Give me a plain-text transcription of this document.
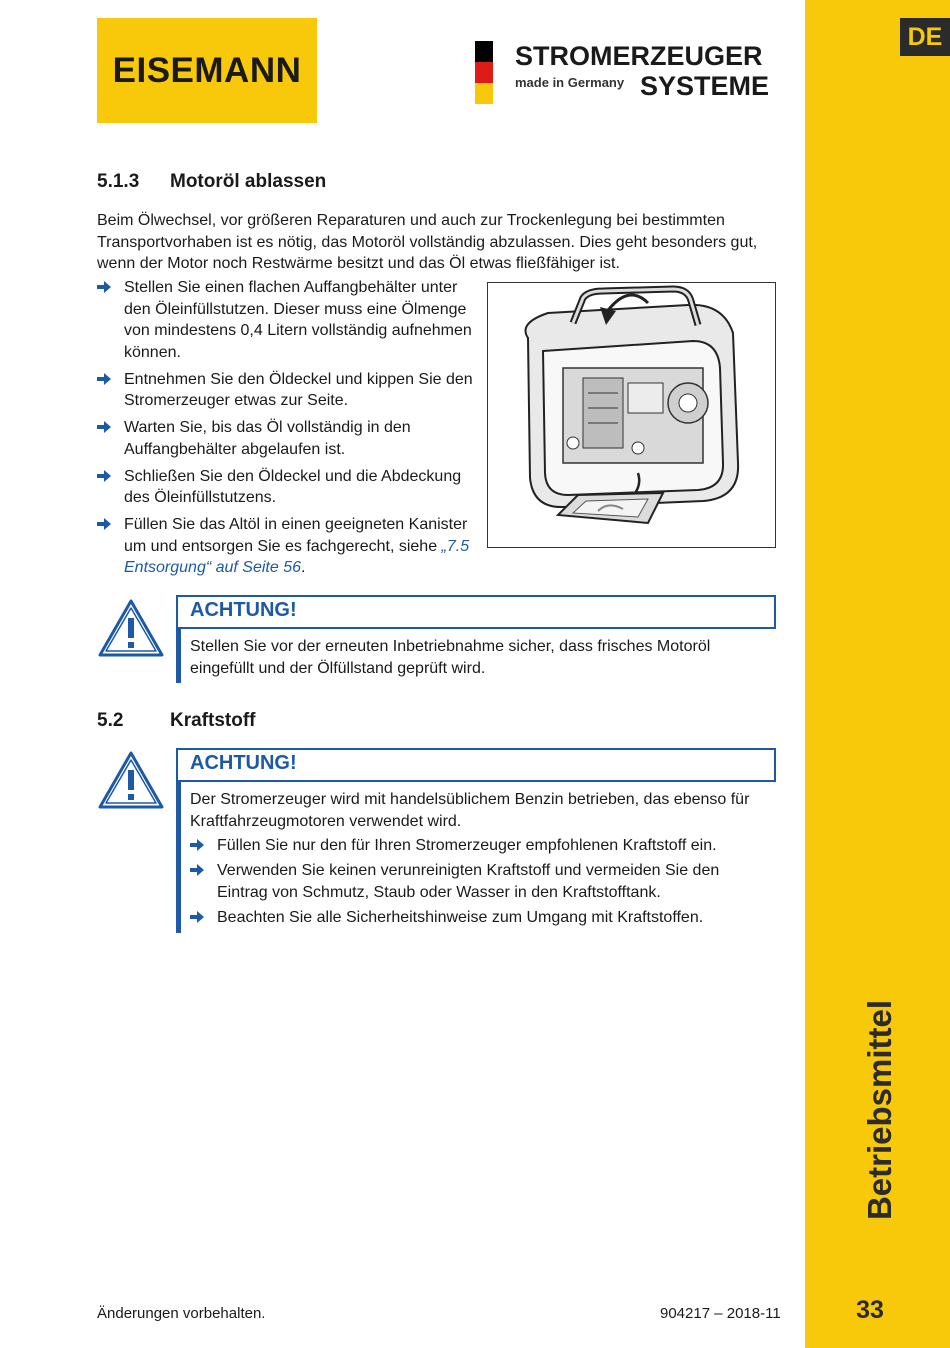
DE
Betriebsmittel
33
EISEMANN	STROMERZEUGER
made in Germany SYSTEME
5.1.3 Motoröl ablassen
Beim Ölwechsel, vor größeren Reparaturen und auch zur Trockenlegung bei bestimmten Transportvorhaben ist es nötig, das Motoröl vollständig abzulassen. Dies geht besonders gut, wenn der Motor noch Restwärme besitzt und das Öl etwas fließfähiger ist.
Stellen Sie einen flachen Auffangbehälter unter den Öleinfüllstutzen. Dieser muss eine Ölmenge von mindestens 0,4 Litern vollständig aufnehmen können.
Entnehmen Sie den Öldeckel und kippen Sie den Stromerzeuger etwas zur Seite.
Warten Sie, bis das Öl vollständig in den Auffangbehälter abgelaufen ist.
Schließen Sie den Öldeckel und die Abdeckung des Öleinfüllstutzens.
Füllen Sie das Altöl in einen geeigneten Kanister um und entsorgen Sie es fachgerecht, siehe „7.5 Entsorgung“ auf Seite 56.
ACHTUNG!
Stellen Sie vor der erneuten Inbetriebnahme sicher, dass frisches Motoröl eingefüllt und der Ölfüllstand geprüft wird.
5.2 Kraftstoff
ACHTUNG!
Der Stromerzeuger wird mit handelsüblichem Benzin betrieben, das ebenso für Kraftfahrzeugmotoren verwendet wird.
Füllen Sie nur den für Ihren Stromerzeuger empfohlenen Kraftstoff ein.
Verwenden Sie keinen verunreinigten Kraftstoff und vermeiden Sie den Eintrag von Schmutz, Staub oder Wasser in den Kraftstofftank.
Beachten Sie alle Sicherheitshinweise zum Umgang mit Kraftstoffen.
Änderungen vorbehalten.	904217 – 2018-11
